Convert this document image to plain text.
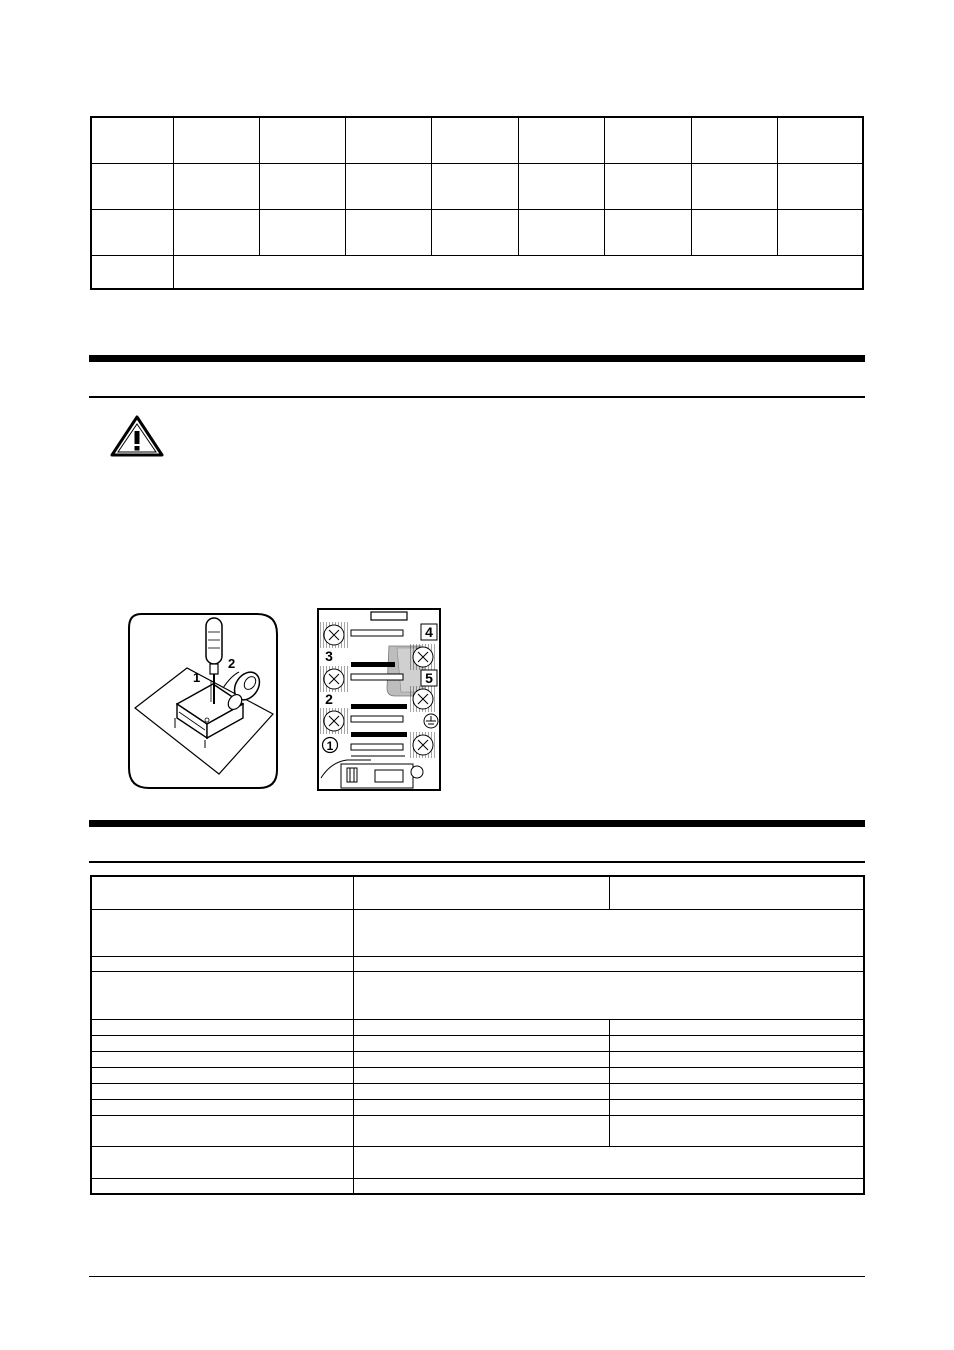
1
2
4
5
3
2
1
